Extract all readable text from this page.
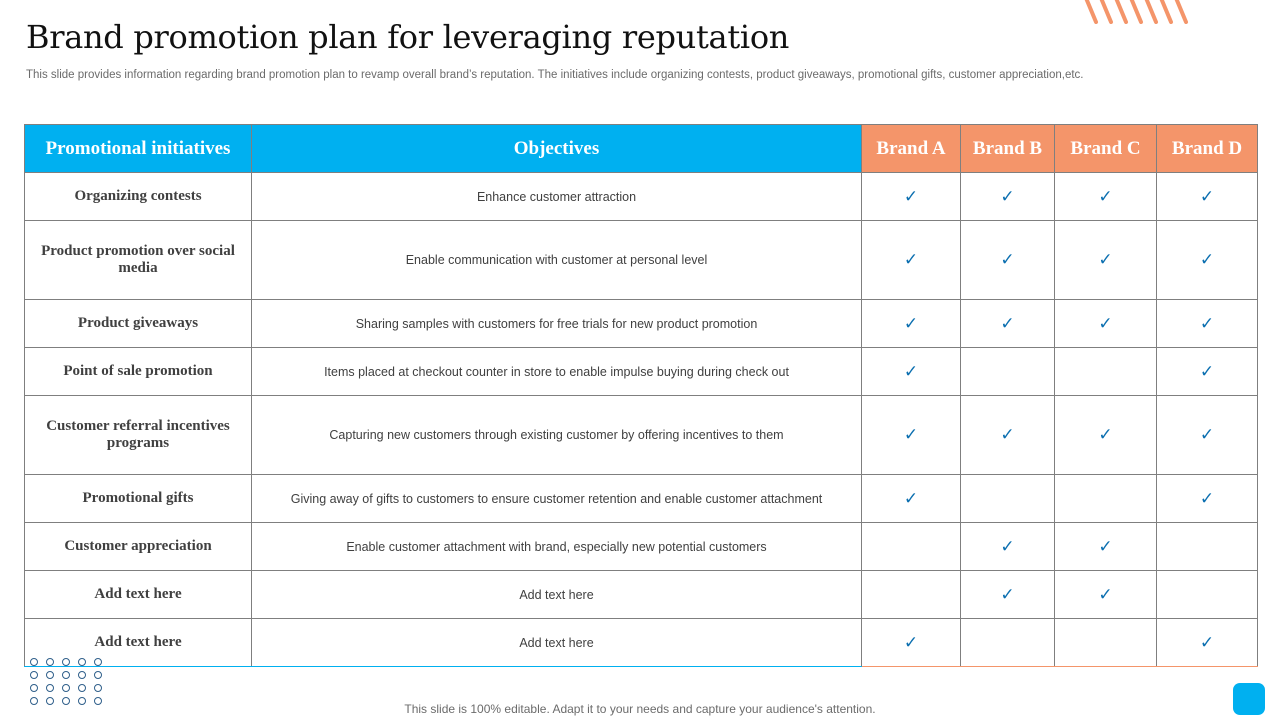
Brand promotion plan for leveraging reputation

This slide provides information regarding brand promotion plan to revamp overall brand’s reputation. The initiatives include organizing contests, product giveaways, promotional gifts, customer appreciation,etc.

Promotional initiatives	Objectives	Brand A	Brand B	Brand C	Brand D
Organizing contests	Enhance customer attraction	✓	✓	✓	✓
Product promotion over social media	Enable communication with customer at personal level	✓	✓	✓	✓
Product giveaways	Sharing samples with customers for free trials for new product promotion	✓	✓	✓	✓
Point of sale promotion	Items placed at checkout counter in store to enable impulse buying during check out	✓			✓
Customer referral incentives programs	Capturing new customers through existing customer by offering incentives to them	✓	✓	✓	✓
Promotional gifts	Giving away of gifts to customers to ensure customer retention and enable customer attachment	✓			✓
Customer appreciation	Enable customer attachment with brand, especially new potential customers		✓	✓	
Add text here	Add text here		✓	✓	
Add text here	Add text here	✓			✓

This slide is 100% editable. Adapt it to your needs and capture your audience's attention.
